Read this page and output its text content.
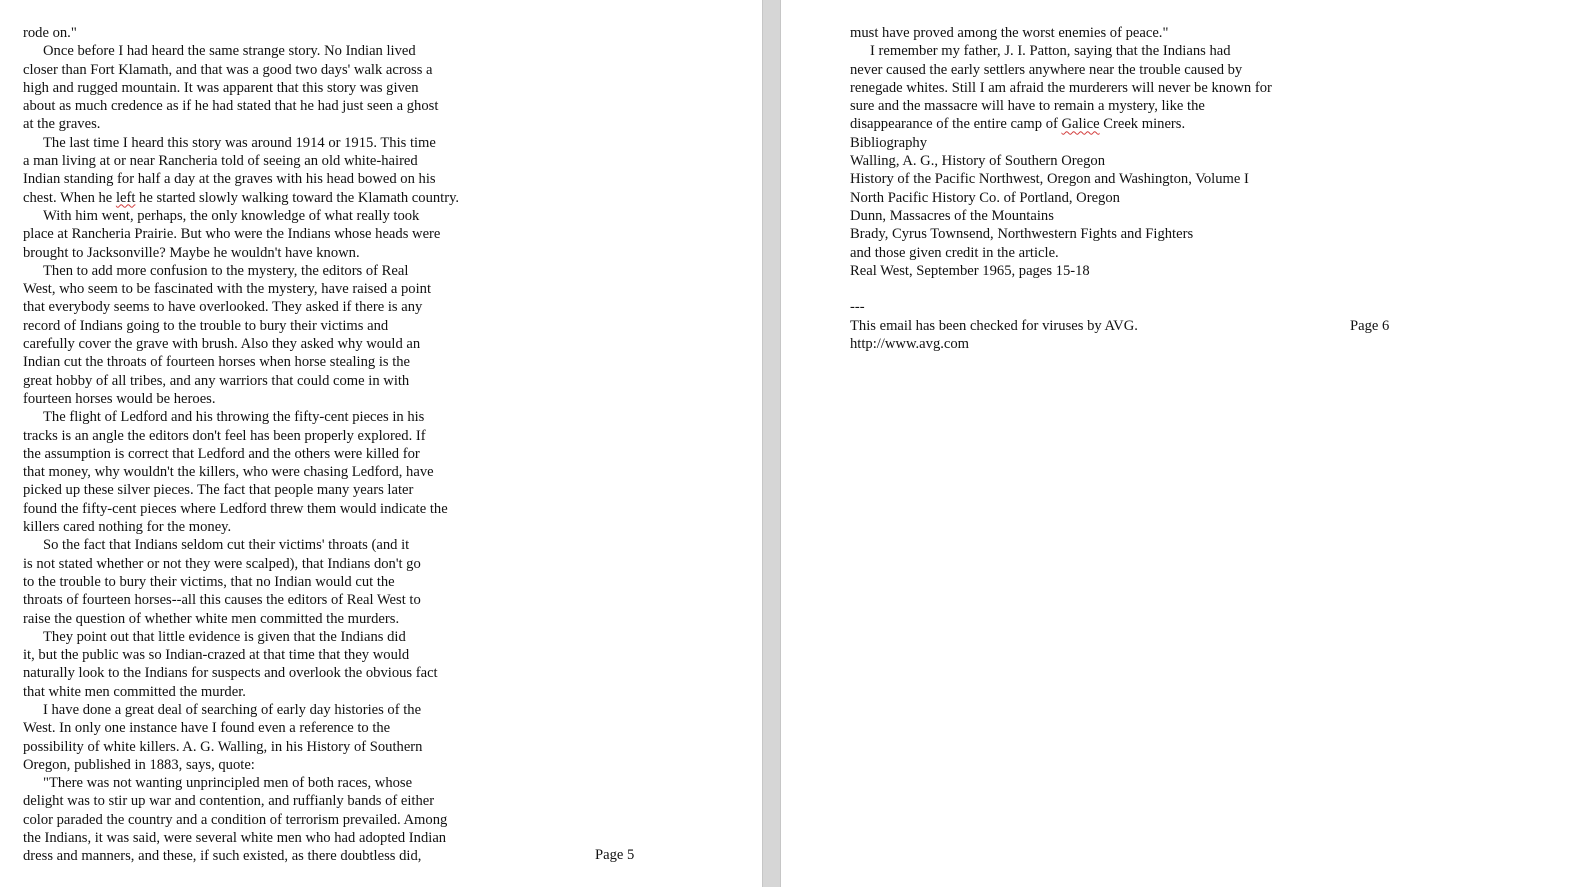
rode on."
Once before I had heard the same strange story. No Indian lived
closer than Fort Klamath, and that was a good two days' walk across a
high and rugged mountain. It was apparent that this story was given
about as much credence as if he had stated that he had just seen a ghost
at the graves.
The last time I heard this story was around 1914 or 1915. This time
a man living at or near Rancheria told of seeing an old white-haired
Indian standing for half a day at the graves with his head bowed on his
chest. When he left he started slowly walking toward the Klamath country.
With him went, perhaps, the only knowledge of what really took
place at Rancheria Prairie. But who were the Indians whose heads were
brought to Jacksonville? Maybe he wouldn't have known.
Then to add more confusion to the mystery, the editors of Real
West, who seem to be fascinated with the mystery, have raised a point
that everybody seems to have overlooked. They asked if there is any
record of Indians going to the trouble to bury their victims and
carefully cover the grave with brush. Also they asked why would an
Indian cut the throats of fourteen horses when horse stealing is the
great hobby of all tribes, and any warriors that could come in with
fourteen horses would be heroes.
The flight of Ledford and his throwing the fifty-cent pieces in his
tracks is an angle the editors don't feel has been properly explored. If
the assumption is correct that Ledford and the others were killed for
that money, why wouldn't the killers, who were chasing Ledford, have
picked up these silver pieces. The fact that people many years later
found the fifty-cent pieces where Ledford threw them would indicate the
killers cared nothing for the money.
So the fact that Indians seldom cut their victims' throats (and it
is not stated whether or not they were scalped), that Indians don't go
to the trouble to bury their victims, that no Indian would cut the
throats of fourteen horses--all this causes the editors of Real West to
raise the question of whether white men committed the murders.
They point out that little evidence is given that the Indians did
it, but the public was so Indian-crazed at that time that they would
naturally look to the Indians for suspects and overlook the obvious fact
that white men committed the murder.
I have done a great deal of searching of early day histories of the
West. In only one instance have I found even a reference to the
possibility of white killers. A. G. Walling, in his History of Southern
Oregon, published in 1883, says, quote:
"There was not wanting unprincipled men of both races, whose
delight was to stir up war and contention, and ruffianly bands of either
color paraded the country and a condition of terrorism prevailed. Among
the Indians, it was said, were several white men who had adopted Indian
dress and manners, and these, if such existed, as there doubtless did,	Page 5
must have proved among the worst enemies of peace."
I remember my father, J. I. Patton, saying that the Indians had
never caused the early settlers anywhere near the trouble caused by
renegade whites. Still I am afraid the murderers will never be known for
sure and the massacre will have to remain a mystery, like the
disappearance of the entire camp of Galice Creek miners.
Bibliography
Walling, A. G., History of Southern Oregon
History of the Pacific Northwest, Oregon and Washington, Volume I
North Pacific History Co. of Portland, Oregon
Dunn, Massacres of the Mountains
Brady, Cyrus Townsend, Northwestern Fights and Fighters
and those given credit in the article.
Real West, September 1965, pages 15-18
---
This email has been checked for viruses by AVG.
http://www.avg.com
Page 6
